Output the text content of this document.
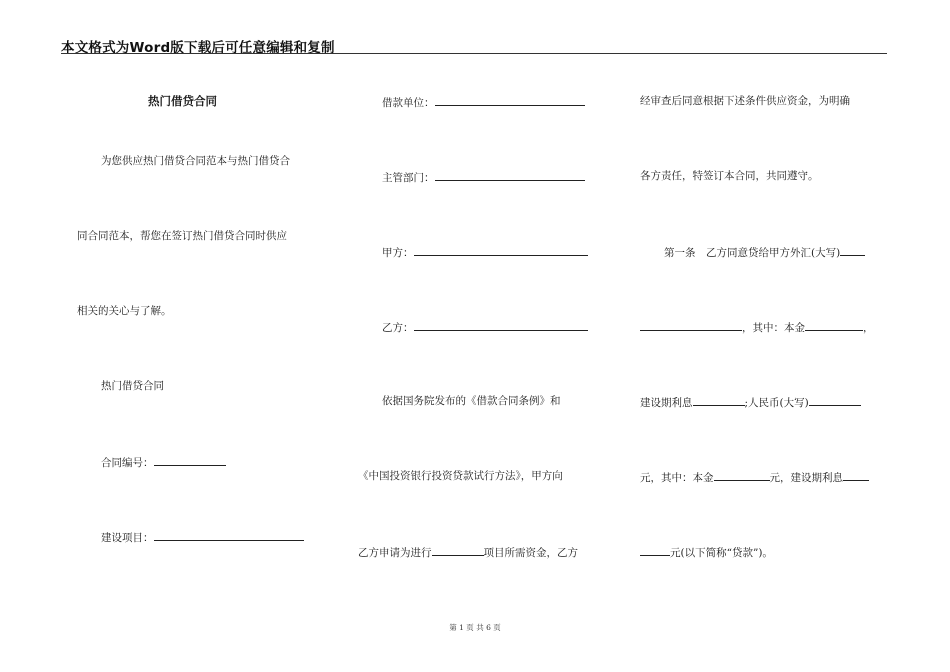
本文格式为Word版下载后可任意编辑和复制
热门借贷合同
为您供应热门借贷合同范本与热门借贷合
同合同范本，帮您在签订热门借贷合同时供应
相关的关心与了解。
热门借贷合同
合同编号：
建设项目：
借款单位：
主管部门：
甲方：
乙方：
依据国务院发布的《借款合同条例》和
《中国投资银行投资贷款试行方法》，甲方向
乙方申请为进行	项目所需资金，乙方
经审查后同意根据下述条件供应资金，为明确
各方责任，特签订本合同，共同遵守。
第一条　乙方同意贷给甲方外汇(大写)
，其中：本金	，
建设期利息	;人民币(大写)
元，其中：本金	元，建设期利息
元(以下简称“贷款”)。
第 1 页 共 6 页
